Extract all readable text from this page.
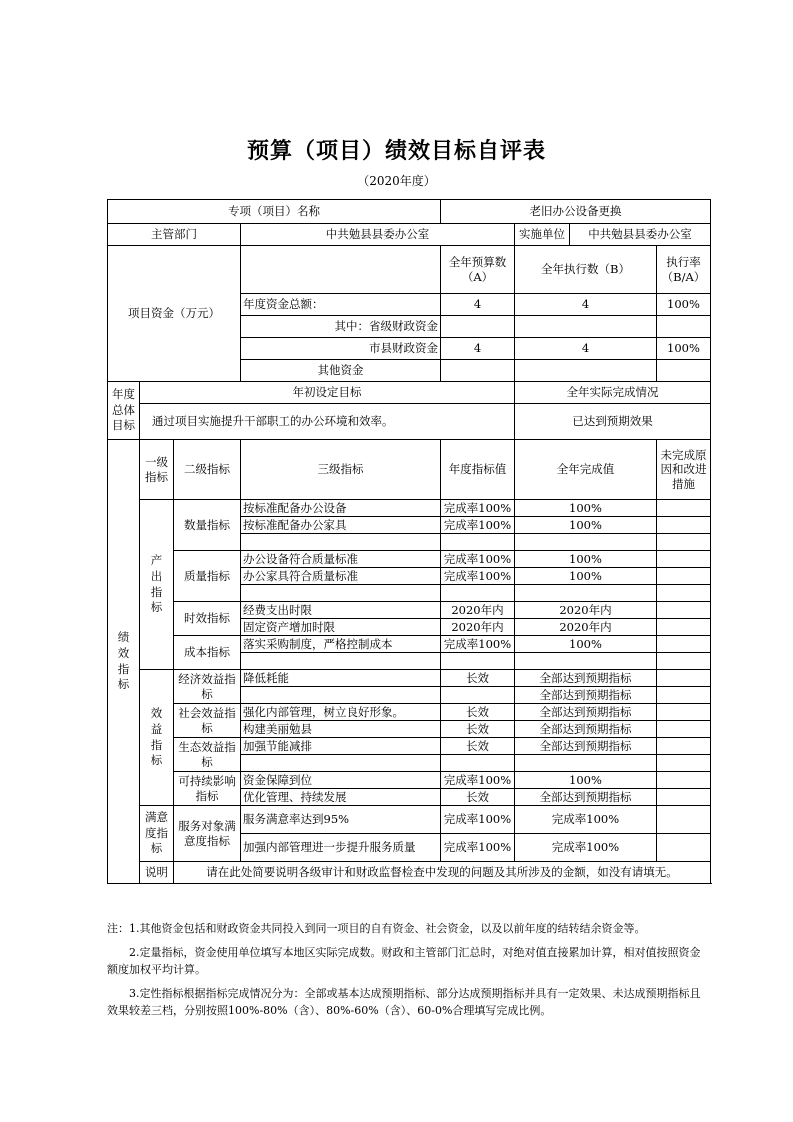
预算（项目）绩效目标自评表
（2020年度）
专项（项目）名称				老旧办公设备更换			
主管部门			中共勉县县委办公室		实施单位	中共勉县县委办公室	
项目资金（万元）				全年预算数（A）	全年执行数（B）		执行率（B/A）
			年度资金总额：	4	4		100%
			其中：省级财政资金				
			市县财政资金	4	4		100%
			其他资金				
年度总体目标	年初设定目标				全年实际完成情况		
	通过项目实施提升干部职工的办公环境和效率。				已达到预期效果		
绩效指标	一级指标	二级指标	三级指标	年度指标值	全年完成值		未完成原因和改进措施
	产出指标	数量指标	按标准配备办公设备	完成率100%	100%		
			按标准配备办公家具	完成率100%	100%		

		质量指标	办公设备符合质量标准	完成率100%	100%		
			办公家具符合质量标准	完成率100%	100%		

		时效指标	经费支出时限	2020年内	2020年内		
			固定资产增加时限	2020年内	2020年内		
		成本指标	落实采购制度，严格控制成本	完成率100%	100%		

	效益指标	经济效益指标	降低耗能	长效	全部达到预期指标		
					全部达到预期指标		
		社会效益指标	强化内部管理，树立良好形象。	长效	全部达到预期指标		
			构建美丽勉县	长效	全部达到预期指标		
		生态效益指标	加强节能减排	长效	全部达到预期指标		

		可持续影响指标	资金保障到位	完成率100%	100%		
			优化管理、持续发展	长效	全部达到预期指标		
	满意度指标	服务对象满意度指标	服务满意率达到95%	完成率100%	完成率100%		
			加强内部管理进一步提升服务质量	完成率100%	完成率100%		
	说明	请在此处简要说明各级审计和财政监督检查中发现的问题及其所涉及的金额，如没有请填无。					

注：1.其他资金包括和财政资金共同投入到同一项目的自有资金、社会资金，以及以前年度的结转结余资金等。

2.定量指标，资金使用单位填写本地区实际完成数。财政和主管部门汇总时，对绝对值直接累加计算，相对值按照资金额度加权平均计算。

3.定性指标根据指标完成情况分为：全部或基本达成预期指标、部分达成预期指标并具有一定效果、未达成预期指标且效果较差三档，分别按照100%-80%（含）、80%-60%（含）、60-0%合理填写完成比例。
